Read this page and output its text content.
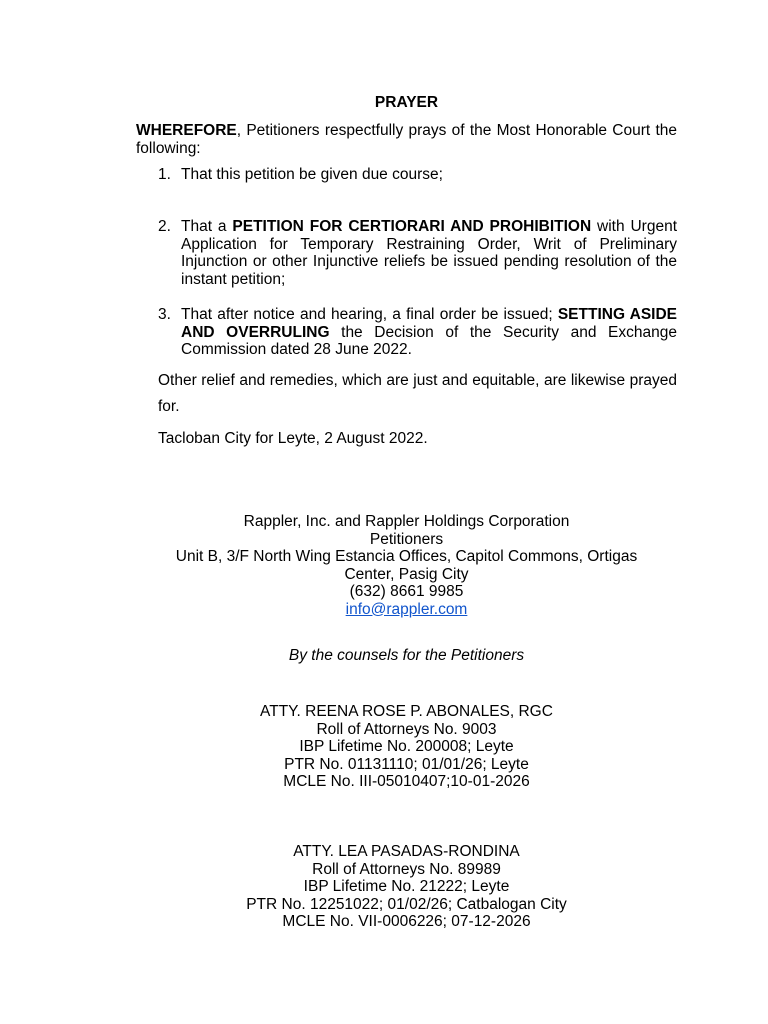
PRAYER
WHEREFORE, Petitioners respectfully prays of the Most Honorable Court the following:
1. That this petition be given due course;
2. That a PETITION FOR CERTIORARI AND PROHIBITION with Urgent Application for Temporary Restraining Order, Writ of Preliminary Injunction or other Injunctive reliefs be issued pending resolution of the instant petition;
3. That after notice and hearing, a final order be issued; SETTING ASIDE AND OVERRULING the Decision of the Security and Exchange Commission dated 28 June 2022.
Other relief and remedies, which are just and equitable, are likewise prayed for.
Tacloban City for Leyte, 2 August 2022.
Rappler, Inc. and Rappler Holdings Corporation
Petitioners
Unit B, 3/F North Wing Estancia Offices, Capitol Commons, Ortigas
Center, Pasig City
(632) 8661 9985
info@rappler.com
By the counsels for the Petitioners
ATTY. REENA ROSE P. ABONALES, RGC
Roll of Attorneys No. 9003
IBP Lifetime No. 200008; Leyte
PTR No. 01131110; 01/01/26; Leyte
MCLE No. III-05010407;10-01-2026
ATTY. LEA PASADAS-RONDINA
Roll of Attorneys No. 89989
IBP Lifetime No. 21222; Leyte
PTR No. 12251022; 01/02/26; Catbalogan City
MCLE No. VII-0006226; 07-12-2026
